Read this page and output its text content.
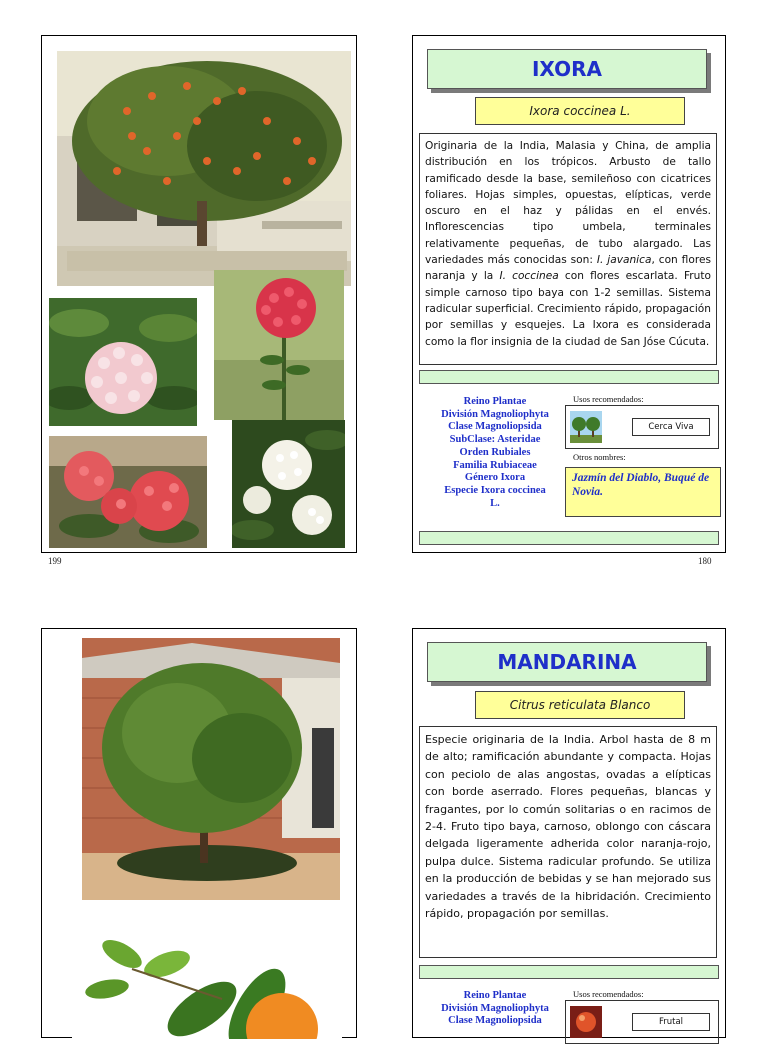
199
IXORA
Ixora coccinea L.
Originaria de la India, Malasia y China, de amplia distribución en los trópicos. Arbusto de tallo ramificado desde la base, semileñoso con cicatrices foliares. Hojas simples, opuestas, elípticas, verde oscuro en el haz y pálidas en el envés. Inflorescencias tipo umbela, terminales relativamente pequeñas, de tubo alargado. Las variedades más conocidas son: I. javanica, con flores naranja y la I. coccinea con flores escarlata. Fruto simple carnoso tipo baya con 1-2 semillas. Sistema radicular superficial. Crecimiento rápido, propagación por semillas y esquejes. La Ixora es considerada como la flor insignia de la ciudad de San Jóse Cúcuta.
Reino Plantae
División Magnoliophyta
Clase Magnoliopsida
SubClase: Asteridae
Orden Rubiales
Familia Rubiaceae
Género Ixora
Especie Ixora coccinea
L.
Usos recomendados:
Cerca Viva
Otros nombres:
Jazmín del Diablo, Buqué de Novia.
180
MANDARINA
Citrus reticulata Blanco
Especie originaria de la India. Arbol hasta de 8 m de alto; ramificación abundante y compacta. Hojas con peciolo de alas angostas, ovadas a elípticas con borde aserrado. Flores pequeñas, blancas y fragantes, por lo común solitarias o en racimos de 2-4. Fruto tipo baya, carnoso, oblongo con cáscara delgada ligeramente adherida color naranja-rojo, pulpa dulce. Sistema radicular profundo. Se utiliza en la producción de bebidas y se han mejorado sus variedades a través de la hibridación. Crecimiento rápido, propagación por semillas.
Reino Plantae
División Magnoliophyta
Clase Magnoliopsida
Usos recomendados:
Frutal
